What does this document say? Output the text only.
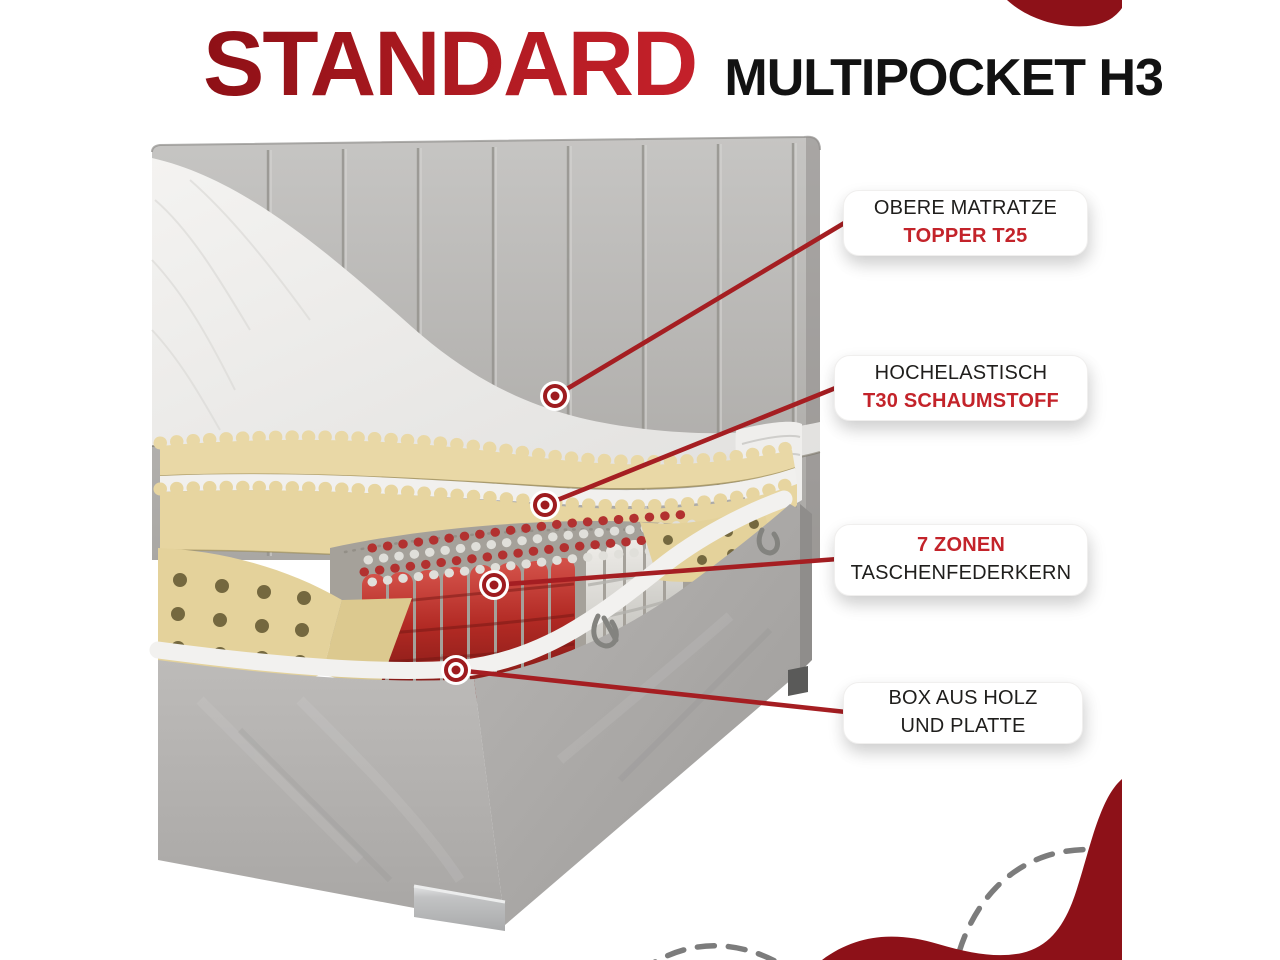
STANDARD MULTIPOCKET H3
OBERE MATRATZE
TOPPER T25
HOCHELASTISCH
T30 SCHAUMSTOFF
7 ZONEN
TASCHENFEDERKERN
BOX AUS HOLZ
UND PLATTE
